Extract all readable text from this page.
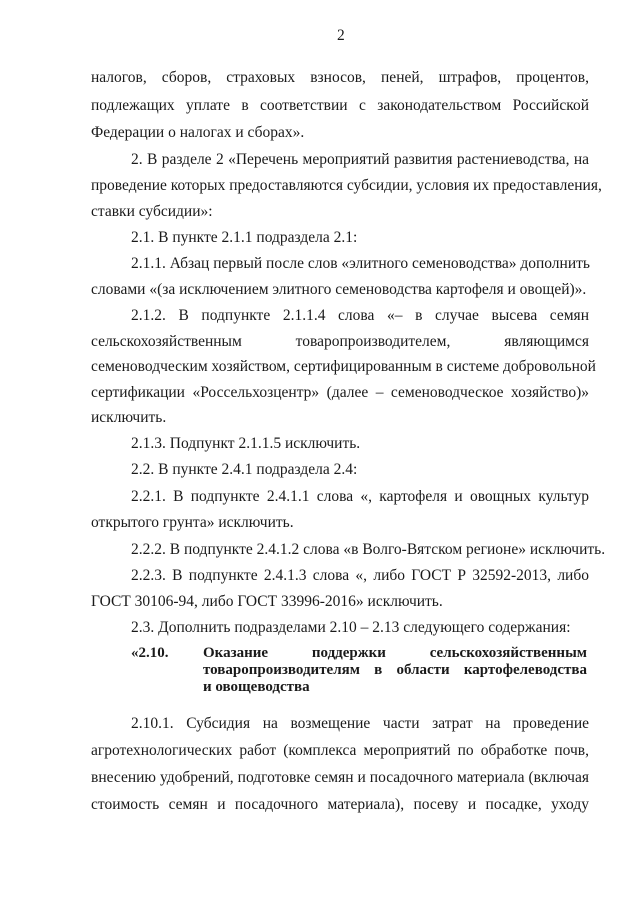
2
налогов, сборов, страховых взносов, пеней, штрафов, процентов,
подлежащих уплате в соответствии с законодательством Российской
Федерации о налогах и сборах».
2. В разделе 2 «Перечень мероприятий развития растениеводства, на
проведение которых предоставляются субсидии, условия их предоставления,
ставки субсидии»:
2.1. В пункте 2.1.1 подраздела 2.1:
2.1.1. Абзац первый после слов «элитного семеноводства» дополнить
словами «(за исключением элитного семеноводства картофеля и овощей)».
2.1.2. В подпункте 2.1.1.4 слова «– в случае высева семян
сельскохозяйственным товаропроизводителем, являющимся
семеноводческим хозяйством, сертифицированным в системе добровольной
сертификации «Россельхозцентр» (далее – семеноводческое хозяйство)»
исключить.
2.1.3. Подпункт 2.1.1.5 исключить.
2.2. В пункте 2.4.1 подраздела 2.4:
2.2.1. В подпункте 2.4.1.1 слова «, картофеля и овощных культур
открытого грунта» исключить.
2.2.2. В подпункте 2.4.1.2 слова «в Волго-Вятском регионе» исключить.
2.2.3. В подпункте 2.4.1.3 слова «, либо ГОСТ Р 32592-2013, либо
ГОСТ 30106-94, либо ГОСТ 33996-2016» исключить.
2.3. Дополнить подразделами 2.10 – 2.13 следующего содержания:
«2.10. Оказание поддержки сельскохозяйственным
товаропроизводителям в области картофелеводства
и овощеводства
2.10.1. Субсидия на возмещение части затрат на проведение
агротехнологических работ (комплекса мероприятий по обработке почв,
внесению удобрений, подготовке семян и посадочного материала (включая
стоимость семян и посадочного материала), посеву и посадке, уходу
